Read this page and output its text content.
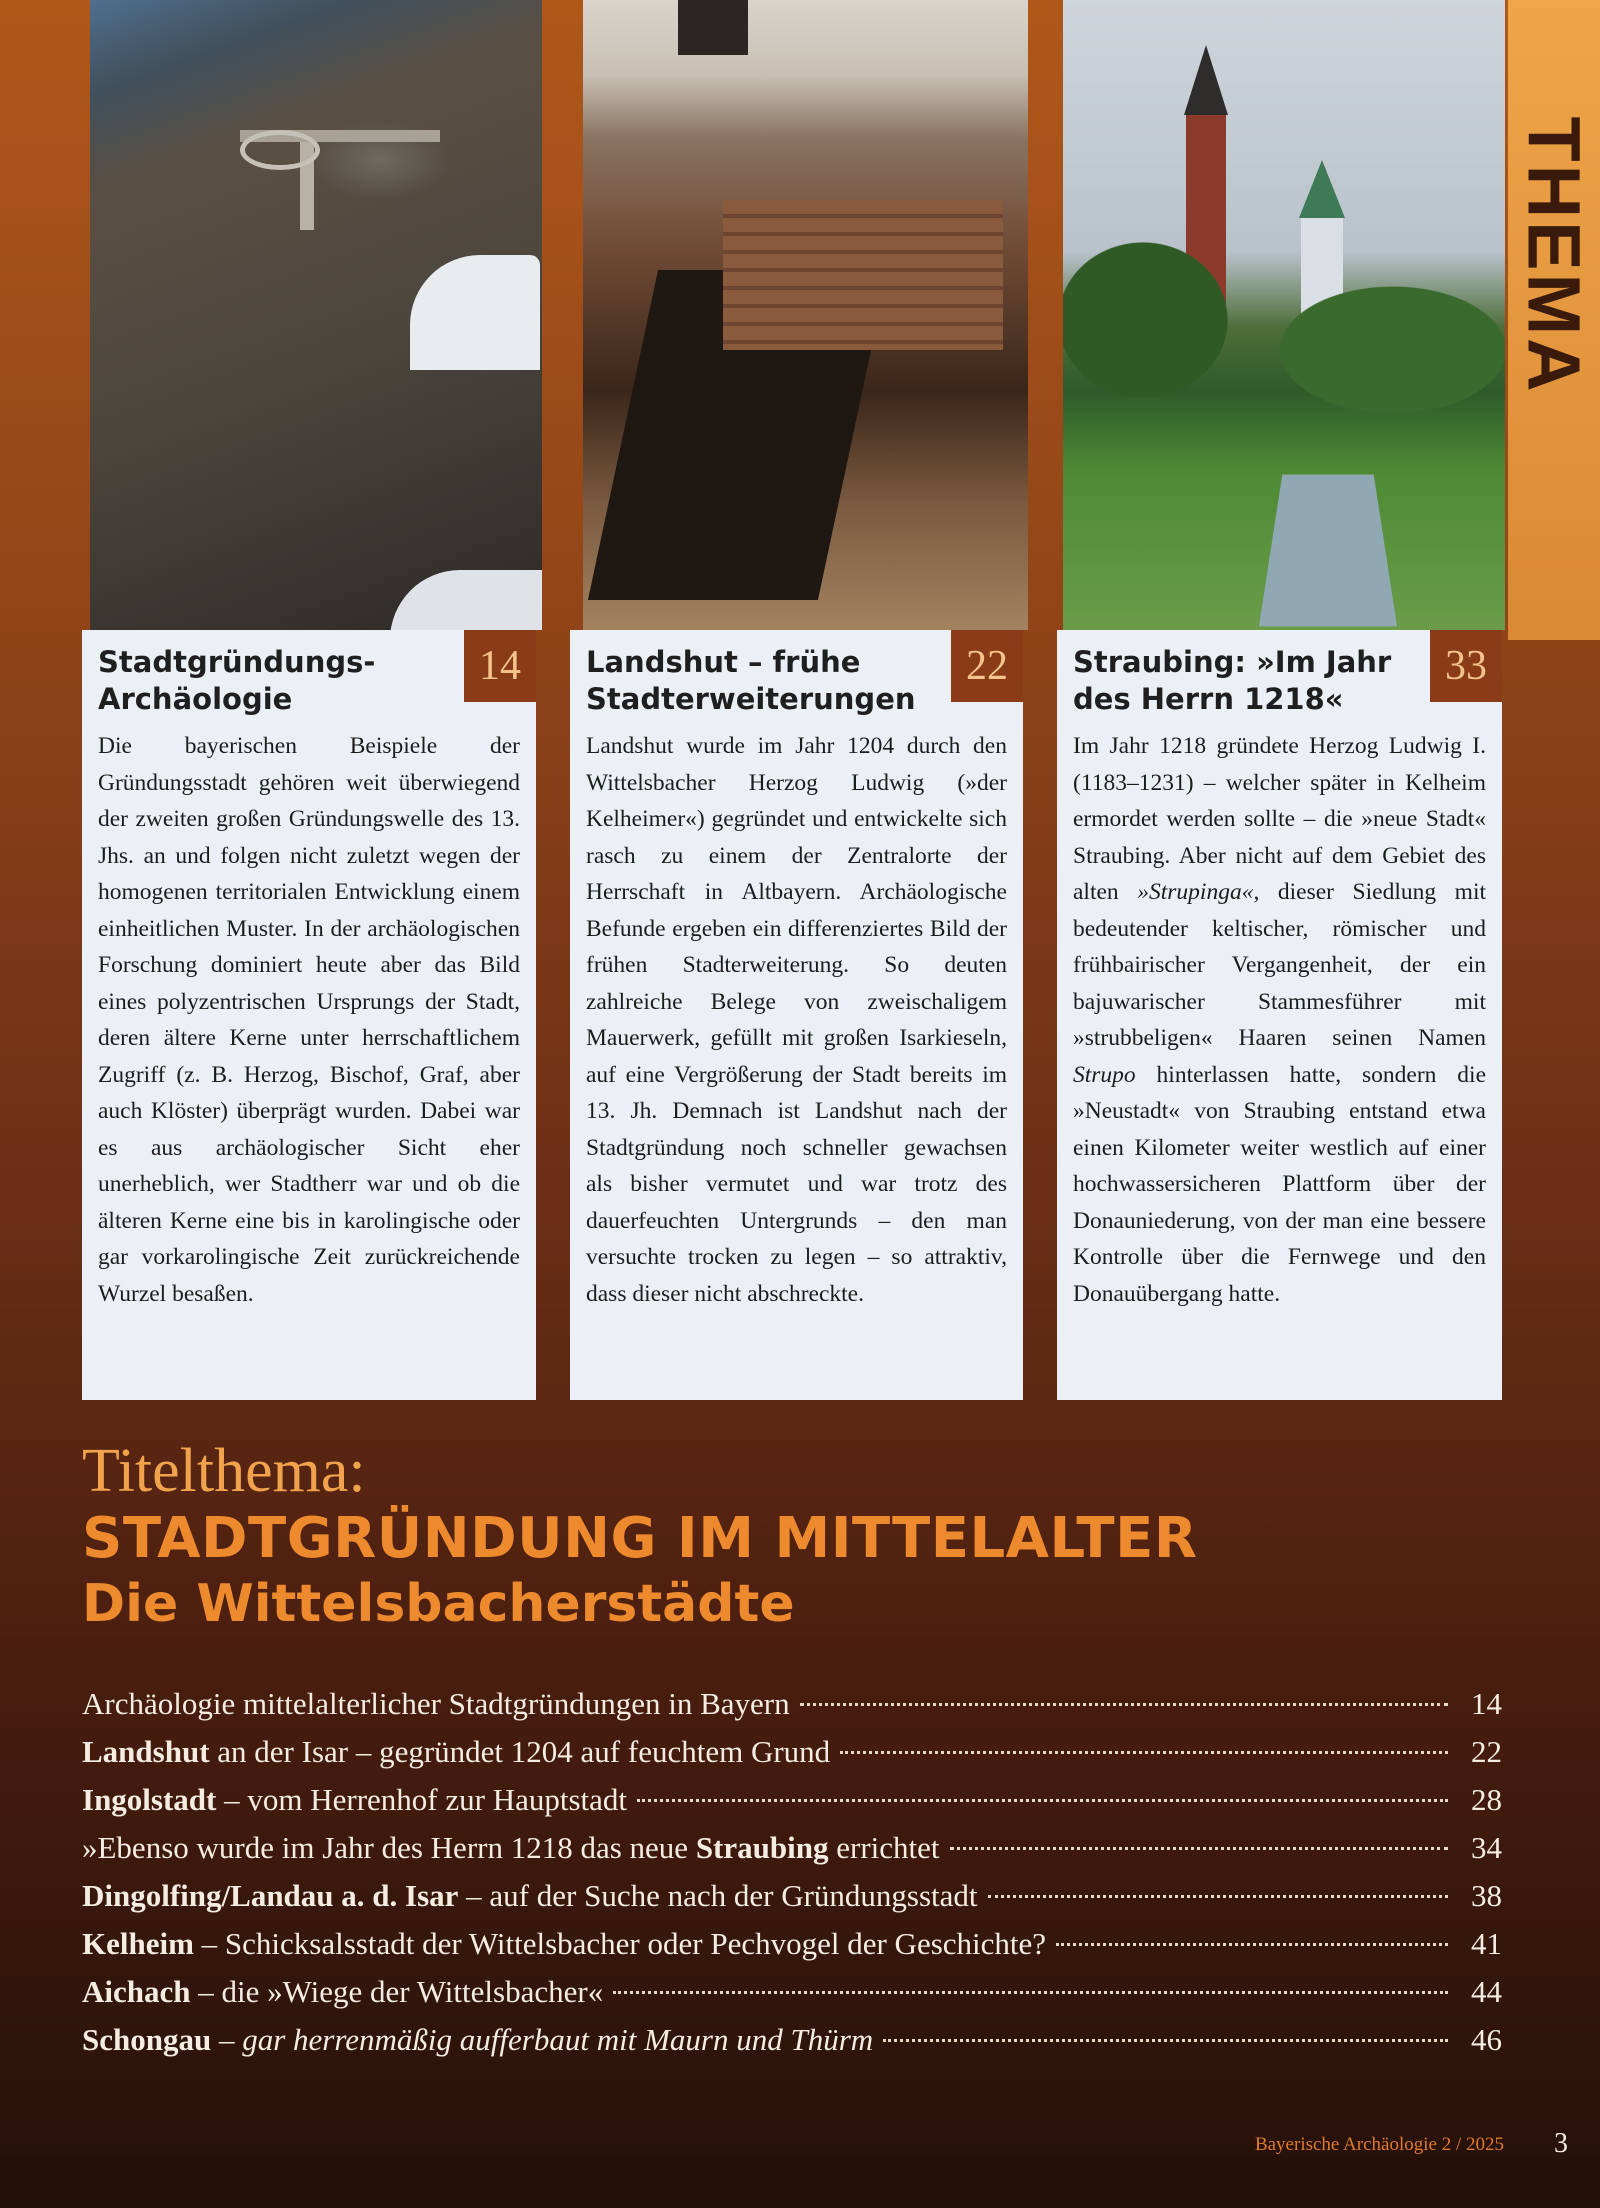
THEMA
14
Stadtgründungs-
Archäologie

Die bayerischen Beispiele der Gründungsstadt gehören weit überwiegend der zweiten großen Gründungswelle des 13. Jhs. an und folgen nicht zuletzt wegen der homogenen territorialen Entwicklung einem einheitlichen Muster. In der archäologischen Forschung dominiert heute aber das Bild eines polyzentrischen Ursprungs der Stadt, deren ältere Kerne unter herrschaftlichem Zugriff (z. B. Herzog, Bischof, Graf, aber auch Klöster) überprägt wurden. Dabei war es aus archäologischer Sicht eher unerheblich, wer Stadtherr war und ob die älteren Kerne eine bis in karolingische oder gar vorkarolingische Zeit zurückreichende Wurzel besaßen.

22
Landshut – frühe
Stadterweiterungen

Landshut wurde im Jahr 1204 durch den Wittelsbacher Herzog Ludwig (»der Kelheimer«) gegründet und entwickelte sich rasch zu einem der Zentralorte der Herrschaft in Altbayern. Archäologische Befunde ergeben ein differenziertes Bild der frühen Stadterweiterung. So deuten zahlreiche Belege von zweischaligem Mauerwerk, gefüllt mit großen Isarkieseln, auf eine Vergrößerung der Stadt bereits im 13. Jh. Demnach ist Landshut nach der Stadtgründung noch schneller gewachsen als bisher vermutet und war trotz des dauerfeuchten Untergrunds – den man versuchte trocken zu legen – so attraktiv, dass dieser nicht abschreckte.

33
Straubing: »Im Jahr
des Herrn 1218«

Im Jahr 1218 gründete Herzog Ludwig I. (1183–1231) – welcher später in Kelheim ermordet werden sollte – die »neue Stadt« Straubing. Aber nicht auf dem Gebiet des alten »Strupinga«, dieser Siedlung mit bedeutender keltischer, römischer und frühbairischer Vergangenheit, der ein bajuwarischer Stammesführer mit »strubbeligen« Haaren seinen Namen Strupo hinterlassen hatte, sondern die »Neustadt« von Straubing entstand etwa einen Kilometer weiter westlich auf einer hochwassersicheren Plattform über der Donauniederung, von der man eine bessere Kontrolle über die Fernwege und den Donauübergang hatte.

Titelthema:
STADTGRÜNDUNG IM MITTELALTER
Die Wittelsbacherstädte
Archäologie mittelalterlicher Stadtgründungen in Bayern	14
Landshut an der Isar – gegründet 1204 auf feuchtem Grund	22
Ingolstadt – vom Herrenhof zur Hauptstadt	28
»Ebenso wurde im Jahr des Herrn 1218 das neue Straubing errichtet	34
Dingolfing/Landau a. d. Isar – auf der Suche nach der Gründungsstadt	38
Kelheim – Schicksalsstadt der Wittelsbacher oder Pechvogel der Geschichte?	41
Aichach – die »Wiege der Wittelsbacher«	44
Schongau – gar herrenmäßig aufferbaut mit Maurn und Thürm	46
Bayerische Archäologie 2 / 2025 3
